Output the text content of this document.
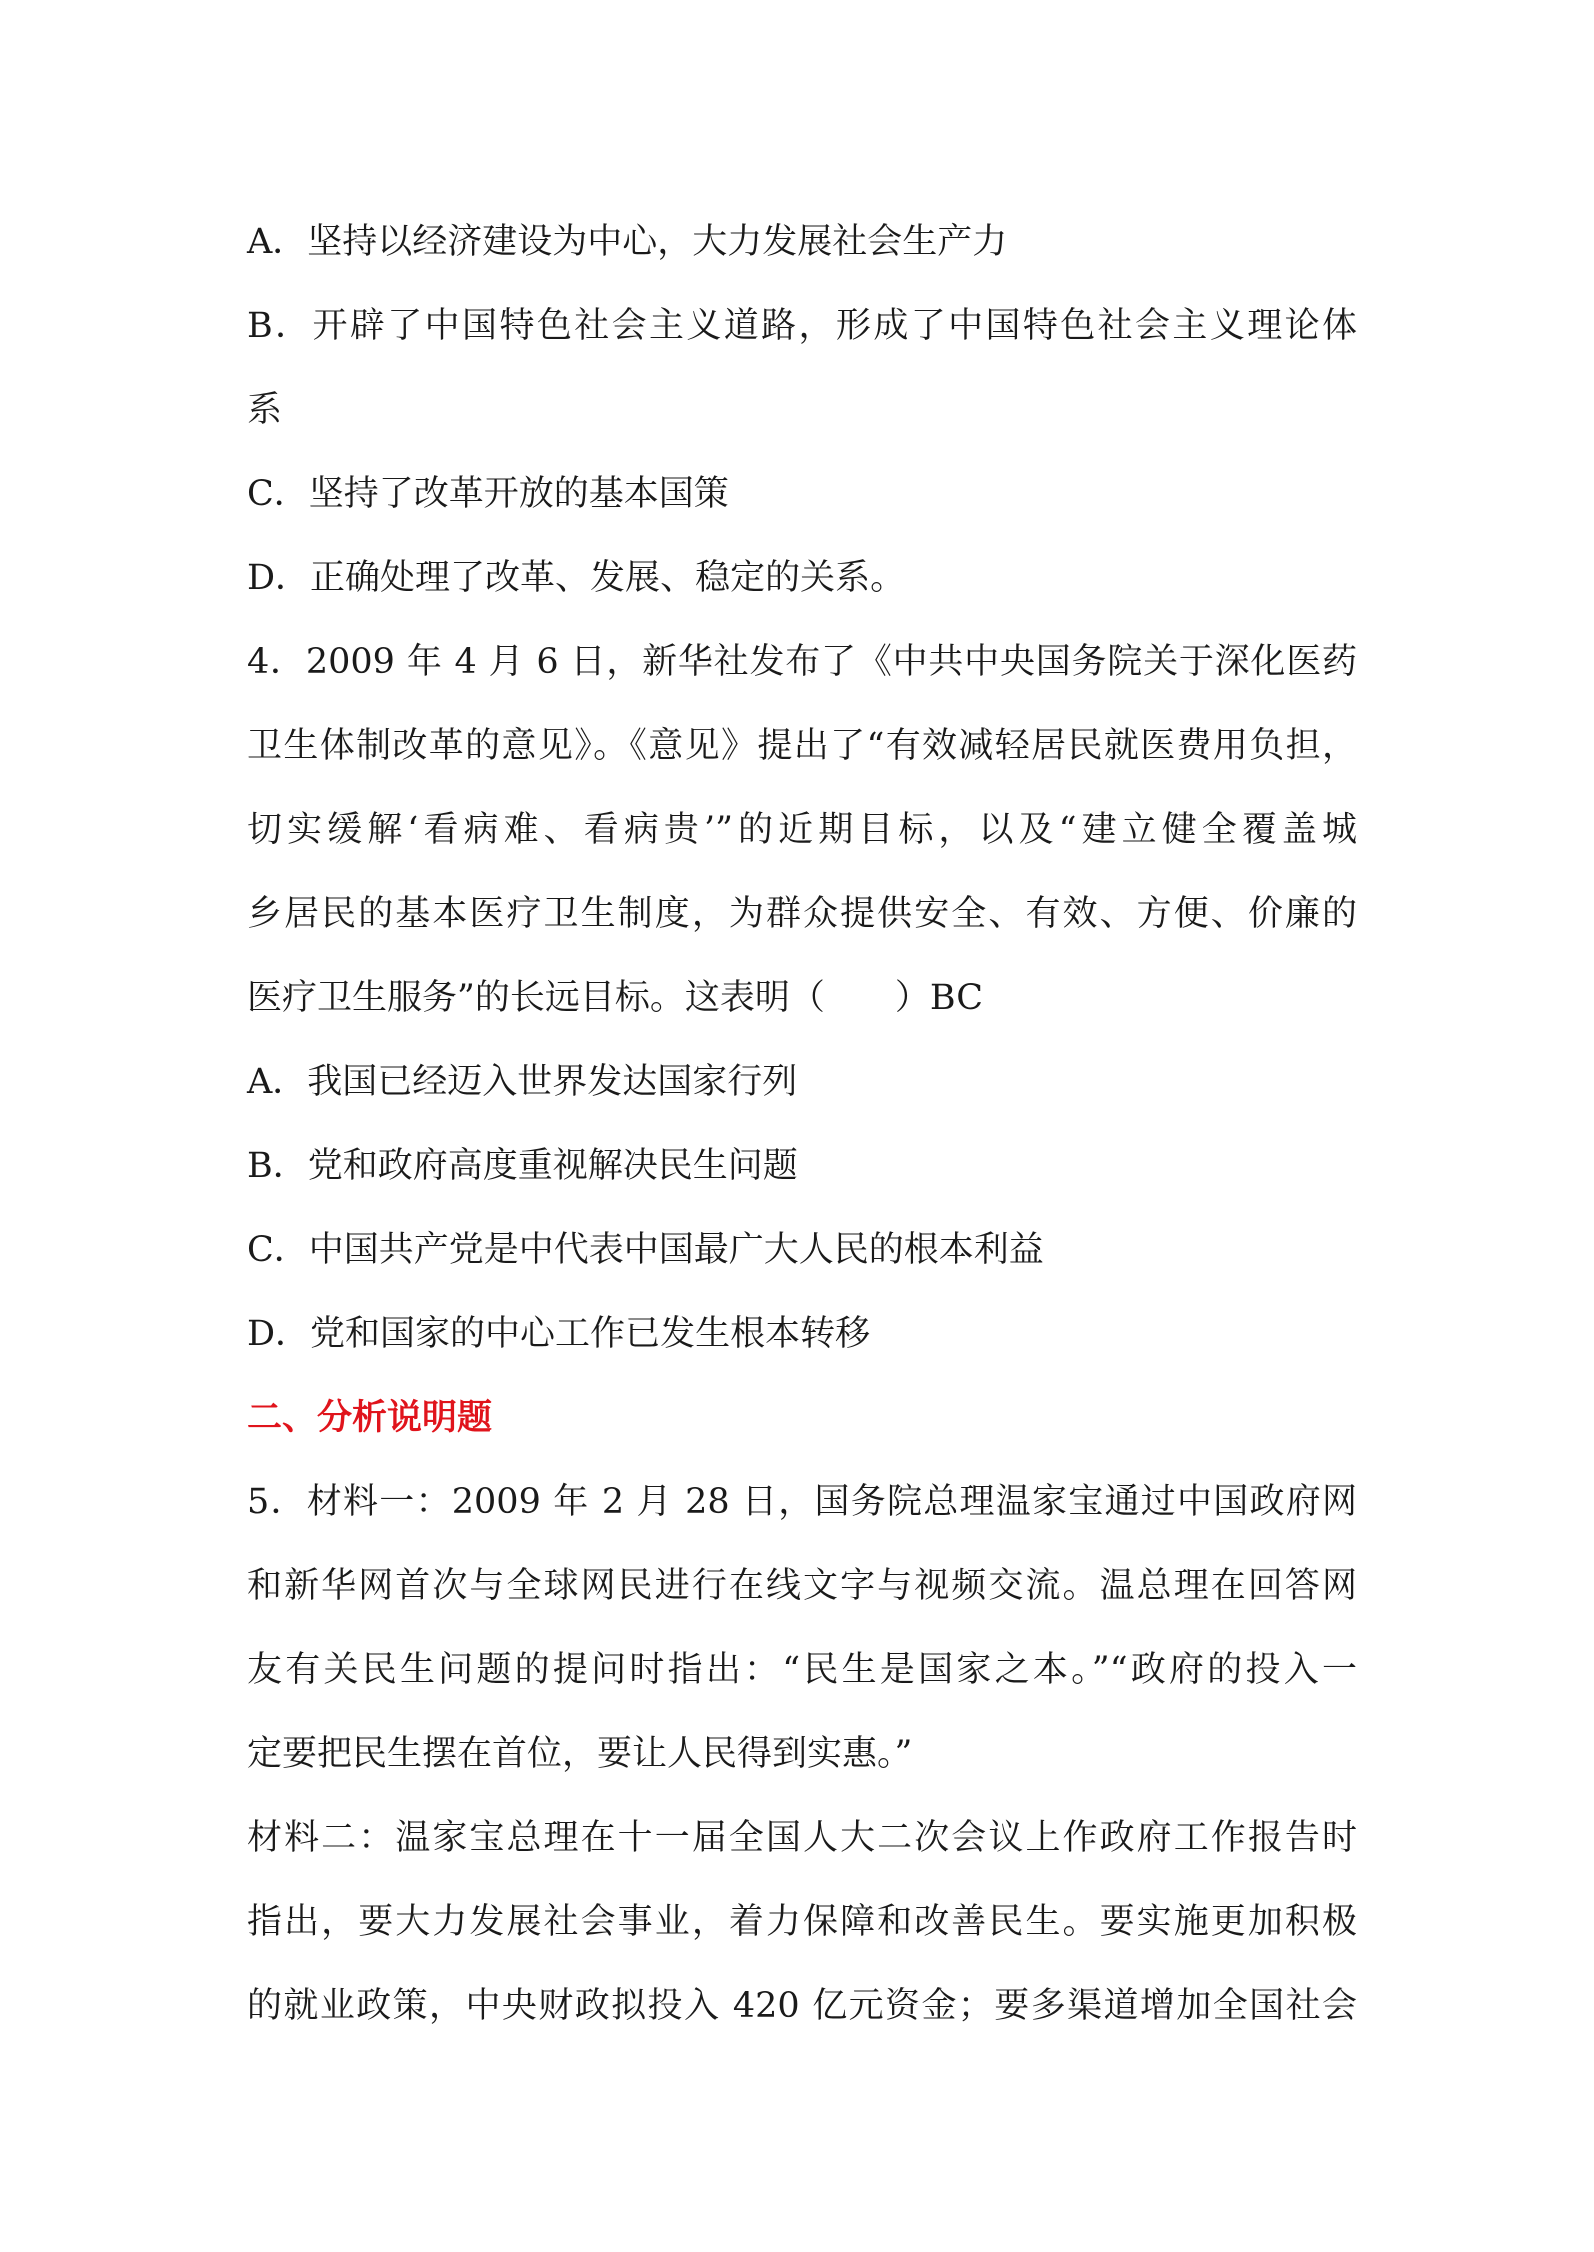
A．坚持以经济建设为中心，大力发展社会生产力
B．开辟了中国特色社会主义道路，形成了中国特色社会主义理论体
系
C．坚持了改革开放的基本国策
D．正确处理了改革、发展、稳定的关系。
4．2009 年 4 月 6 日，新华社发布了《中共中央国务院关于深化医药
卫生体制改革的意见》。《意见》提出了“有效减轻居民就医费用负担，
切实缓解‘看病难、看病贵’”的近期目标，以及“建立健全覆盖城
乡居民的基本医疗卫生制度，为群众提供安全、有效、方便、价廉的
医疗卫生服务”的长远目标。这表明（　　）BC
A．我国已经迈入世界发达国家行列
B．党和政府高度重视解决民生问题
C．中国共产党是中代表中国最广大人民的根本利益
D．党和国家的中心工作已发生根本转移
二、分析说明题
5．材料一：2009 年 2 月 28 日，国务院总理温家宝通过中国政府网
和新华网首次与全球网民进行在线文字与视频交流。温总理在回答网
友有关民生问题的提问时指出：“民生是国家之本。”“政府的投入一
定要把民生摆在首位，要让人民得到实惠。”
材料二：温家宝总理在十一届全国人大二次会议上作政府工作报告时
指出，要大力发展社会事业，着力保障和改善民生。要实施更加积极
的就业政策，中央财政拟投入 420 亿元资金；要多渠道增加全国社会
